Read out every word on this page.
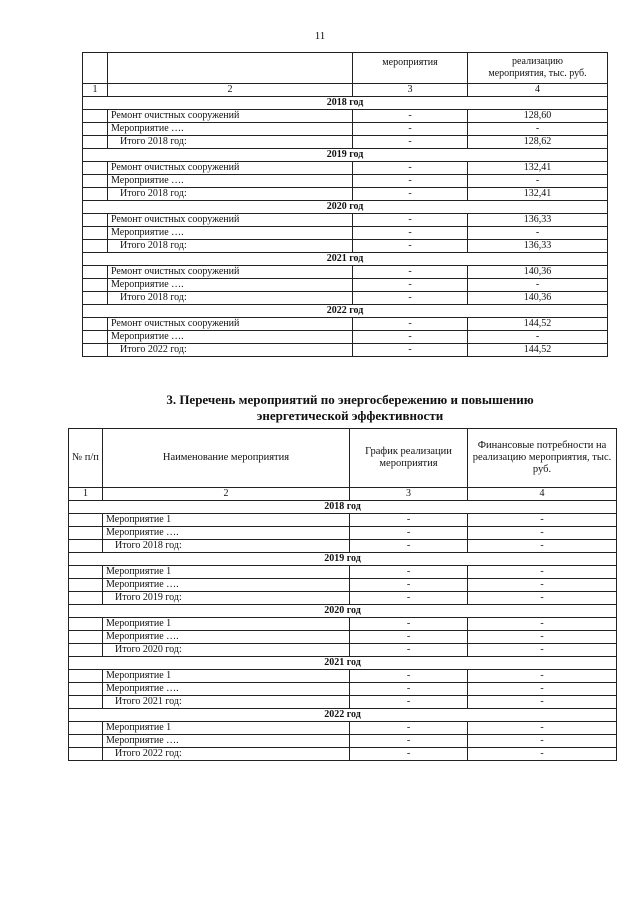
11
		мероприятия	реализацию
мероприятия, тыс. руб.

1	2	3	4
2018 год			
	Ремонт очистных сооружений	-	128,60
	Мероприятие ….	-	-
	Итого 2018 год:	-	128,62
2019 год			
	Ремонт очистных сооружений	-	132,41
	Мероприятие ….	-	-
	Итого 2018 год:	-	132,41
2020 год			
	Ремонт очистных сооружений	-	136,33
	Мероприятие ….	-	-
	Итого 2018 год:	-	136,33
2021 год			
	Ремонт очистных сооружений	-	140,36
	Мероприятие ….	-	-
	Итого 2018 год:	-	140,36
2022 год			
	Ремонт очистных сооружений	-	144,52
	Мероприятие ….	-	-
	Итого 2022 год:	-	144,52
3. Перечень мероприятий по энергосбережению и повышению
энергетической эффективности
№ п/п	Наименование мероприятия	График реализации мероприятия	Финансовые потребности на реализацию мероприятия, тыс. руб.
1	2	3	4
2018 год			
	Мероприятие 1	-	-
	Мероприятие ….	-	-
	Итого 2018 год:	-	-
2019 год			
	Мероприятие 1	-	-
	Мероприятие ….	-	-
	Итого 2019 год:	-	-
2020 год			
	Мероприятие 1	-	-
	Мероприятие ….	-	-
	Итого 2020 год:	-	-
2021 год			
	Мероприятие 1	-	-
	Мероприятие ….	-	-
	Итого 2021 год:	-	-
2022 год			
	Мероприятие 1	-	-
	Мероприятие ….	-	-
	Итого 2022 год:	-	-
